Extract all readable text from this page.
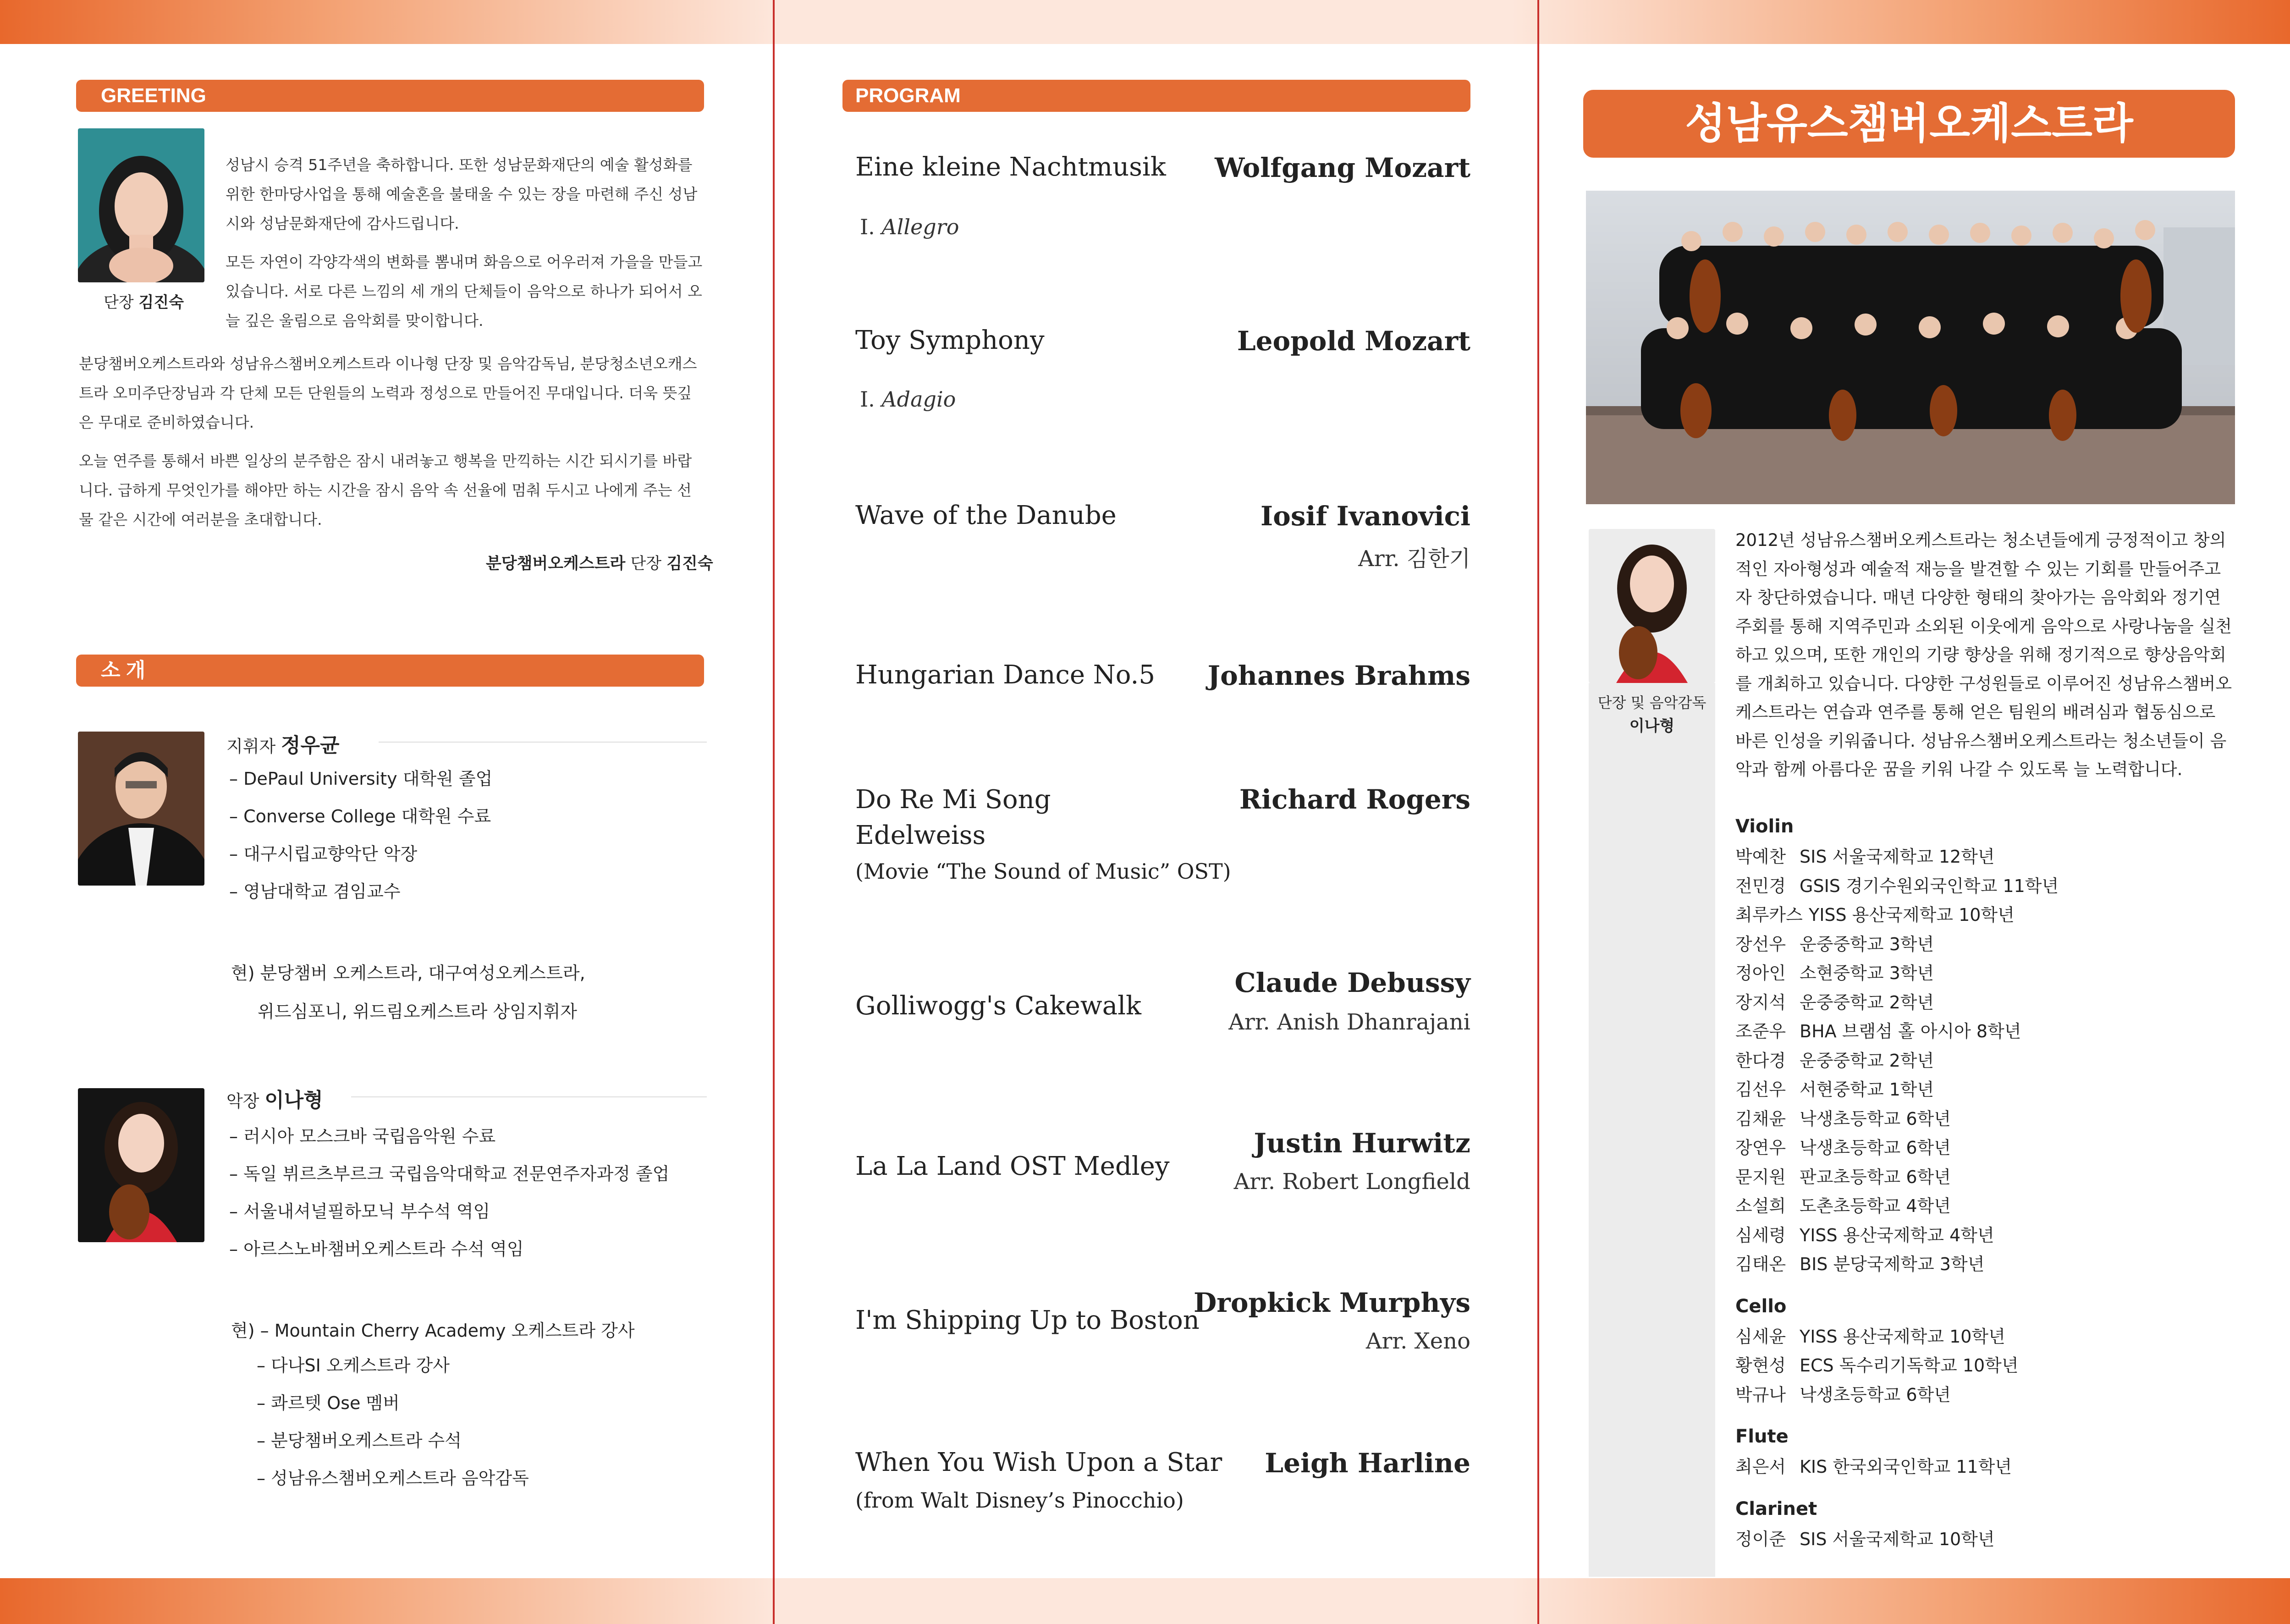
GREETING
단장 김진숙

성남시 승격 51주년을 축하합니다. 또한 성남문화재단의 예술 활성화를 위한 한마당사업을 통해 예술혼을 불태울 수 있는 장을 마련해 주신 성남시와 성남문화재단에 감사드립니다.

모든 자연이 각양각색의 변화를 뽐내며 화음으로 어우러져 가을을 만들고 있습니다. 서로 다른 느낌의 세 개의 단체들이 음악으로 하나가 되어서 오늘 깊은 울림으로 음악회를 맞이합니다.

분당챔버오케스트라와 성남유스챔버오케스트라 이나형 단장 및 음악감독님, 분당청소년오캐스트라 오미주단장님과 각 단체 모든 단원들의 노력과 정성으로 만들어진 무대입니다. 더욱 뜻깊은 무대로 준비하였습니다.

오늘 연주를 통해서 바쁜 일상의 분주함은 잠시 내려놓고 행복을 만끽하는 시간 되시기를 바랍니다. 급하게 무엇인가를 해야만 하는 시간을 잠시 음악 속 선율에 멈춰 두시고 나에게 주는 선물 같은 시간에 여러분을 초대합니다.

분당챔버오케스트라 단장 김진숙
소 개
지휘자 정우균
– DePaul University 대학원 졸업
– Converse College 대학원 수료
– 대구시립교향악단 악장
– 영남대학교 겸임교수
현) 분당챔버 오케스트라, 대구여성오케스트라,
위드심포니, 위드림오케스트라 상임지휘자
악장 이나형
– 러시아 모스크바 국립음악원 수료
– 독일 뷔르츠부르크 국립음악대학교 전문연주자과정 졸업
– 서울내셔널필하모닉 부수석 역임
– 아르스노바챔버오케스트라 수석 역임
현) – Mountain Cherry Academy 오케스트라 강사
– 다나SI 오케스트라 강사
– 콰르텟 Ose 멤버
– 분당챔버오케스트라 수석
– 성남유스챔버오케스트라 음악감독
PROGRAM
Eine kleine Nachtmusik
Ⅰ. Allegro
Wolfgang Mozart
Toy Symphony
Ⅰ. Adagio
Leopold Mozart
Wave of the Danube	Iosif Ivanovici
Arr. 김한기
Hungarian Dance No.5 Johannes Brahms
Do Re Mi Song
Edelweiss
(Movie “The Sound of Music” OST)
Richard Rogers
Golliwogg's Cakewalk
Claude Debussy
Arr. Anish Dhanrajani
La La Land OST Medley
Justin Hurwitz
Arr. Robert Longfield
I'm Shipping Up to Boston
Dropkick Murphys
Arr. Xeno
When You Wish Upon a Star
(from Walt Disney’s Pinocchio)
Leigh Harline
성남유스챔버오케스트라
단장 및 음악감독
이나형
2012년 성남유스챔버오케스트라는 청소년들에게 긍정적이고 창의적인 자아형성과 예술적 재능을 발견할 수 있는 기회를 만들어주고자 창단하였습니다. 매년 다양한 형태의 찾아가는 음악회와 정기연주회를 통해 지역주민과 소외된 이웃에게 음악으로 사랑나눔을 실천하고 있으며, 또한 개인의 기량 향상을 위해 정기적으로 향상음악회를 개최하고 있습니다. 다양한 구성원들로 이루어진 성남유스챔버오케스트라는 연습과 연주를 통해 얻은 팀원의 배려심과 협동심으로 바른 인성을 키워줍니다. 성남유스챔버오케스트라는 청소년들이 음악과 함께 아름다운 꿈을 키워 나갈 수 있도록 늘 노력합니다.
Violin
박예찬 SIS 서울국제학교 12학년
전민경 GSIS 경기수원외국인학교 11학년
최루카스 YISS 용산국제학교 10학년
장선우 운중중학교 3학년
정아인 소현중학교 3학년
장지석 운중중학교 2학년
조준우 BHA 브램섬 홀 아시아 8학년
한다경 운중중학교 2학년
김선우 서현중학교 1학년
김채윤 낙생초등학교 6학년
장연우 낙생초등학교 6학년
문지원 판교초등학교 6학년
소설희 도촌초등학교 4학년
심세령 YISS 용산국제학교 4학년
김태온 BIS 분당국제학교 3학년
Cello
심세윤 YISS 용산국제학교 10학년
황현성 ECS 독수리기독학교 10학년
박규나 낙생초등학교 6학년
Flute
최은서 KIS 한국외국인학교 11학년
Clarinet
정이준 SIS 서울국제학교 10학년
